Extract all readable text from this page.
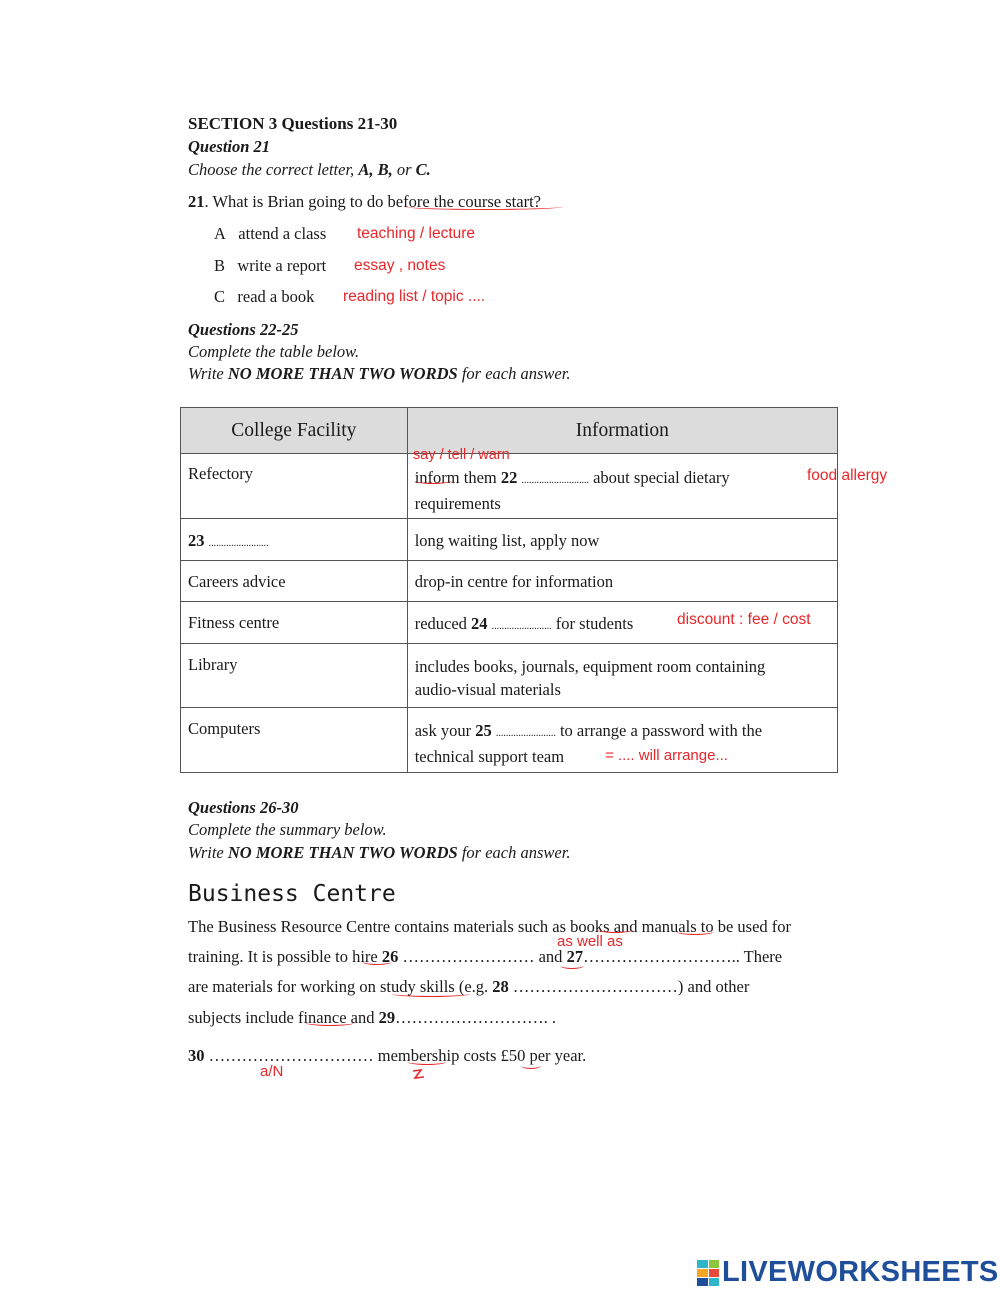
SECTION 3 Questions 21-30
Question 21
Choose the correct letter, A, B, or C.
21. What is Brian going to do before the course start?
A attend a class teaching / lecture
B write a report essay , notes
C read a book reading list / topic ....
Questions 22-25
Complete the table below.
Write NO MORE THAN TWO WORDS for each answer.
College Facility	Information
Refectory	inform them 22 ........................... about special dietary
requirements
23 ........................	long waiting list, apply now
Careers advice	drop-in centre for information
Fitness centre	reduced 24 ........................ for students
Library	includes books, journals, equipment room containing
audio-visual materials
Computers	ask your 25 ........................ to arrange a password with the
technical support team
say / tell / warn
food allergy
discount : fee / cost
= .... will arrange...
Questions 26-30
Complete the summary below.
Write NO MORE THAN TWO WORDS for each answer.
Business Centre
The Business Resource Centre contains materials such as books and manuals to be used for
as well as
training. It is possible to hire 26 …………………… and 27……………………….. There
are materials for working on study skills (e.g. 28 …………………………) and other
subjects include finance and 29………………………. .
30 ………………………… membership costs £50 per year.
a/N
LIVEWORKSHEETS
